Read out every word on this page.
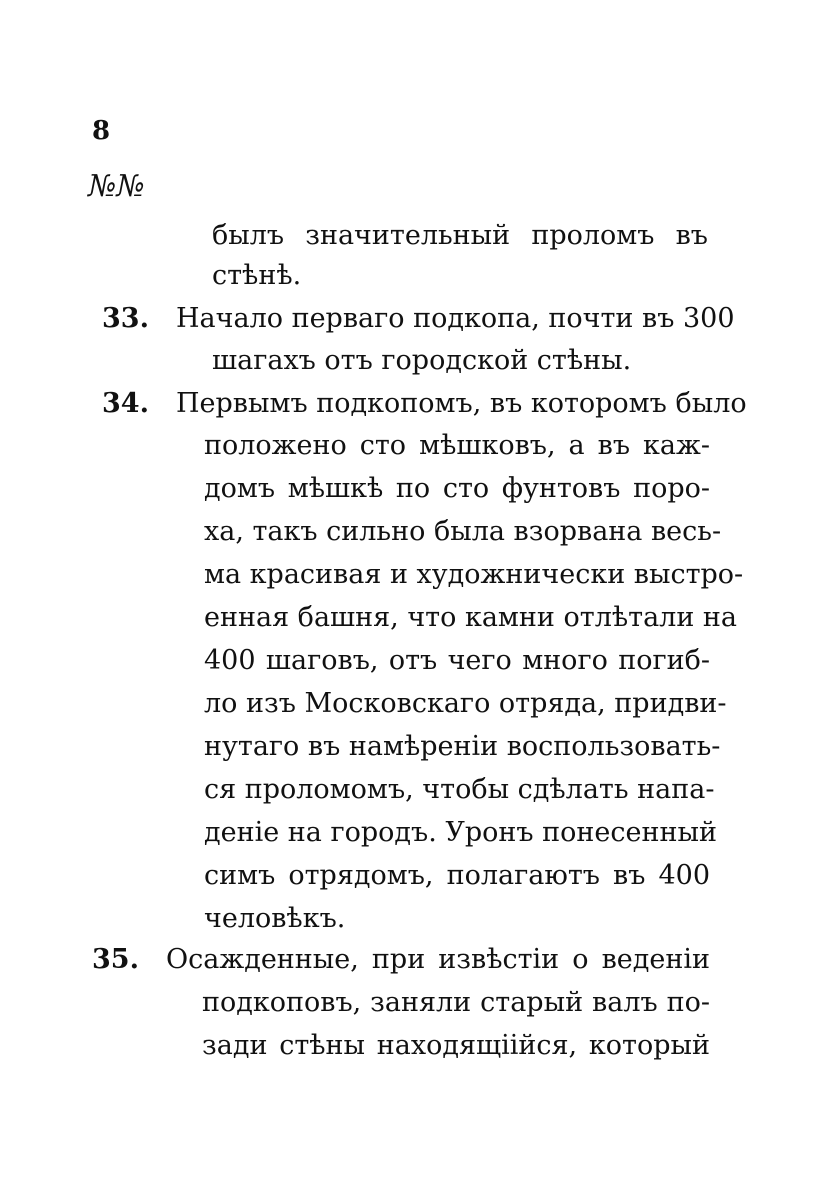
8
№№
былъ значительный проломъ въ
стѣнѣ.
33. Начало перваго подкопа, почти въ 300
шагахъ отъ городской стѣны.
34. Первымъ подкопомъ, въ которомъ было
положено сто мѣшковъ, а въ каж-
домъ мѣшкѣ по сто фунтовъ поро-
ха, такъ сильно была взорвана весь-
ма красивая и художнически выстро-
енная башня, что камни отлѣтали на
400 шаговъ, отъ чего много погиб-
ло изъ Московскаго отряда, придви-
нутаго въ намѣреніи воспользовать-
ся проломомъ, чтобы сдѣлать напа-
деніе на городъ. Уронъ понесенный
симъ отрядомъ, полагаютъ въ 400
человѣкъ.
35. Осажденные, при извѣстіи о веденіи
подкоповъ, заняли старый валъ по-
зади стѣны находящіійся, который
